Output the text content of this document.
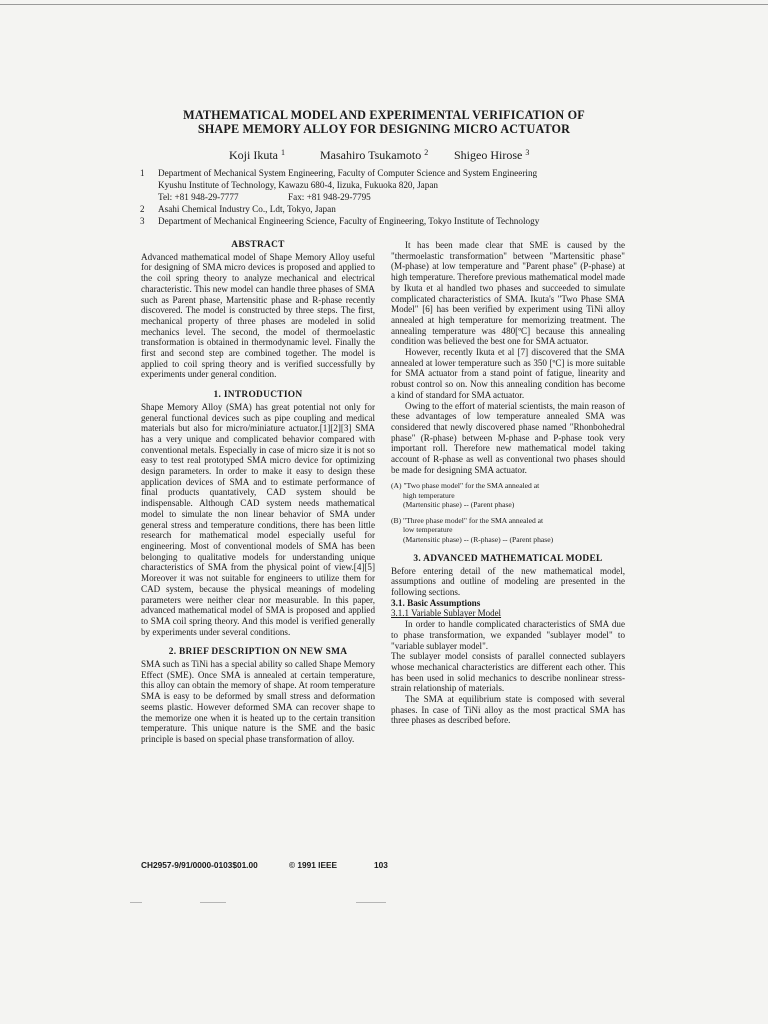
MATHEMATICAL MODEL AND EXPERIMENTAL VERIFICATION OF
SHAPE MEMORY ALLOY FOR DESIGNING MICRO ACTUATOR
Koji Ikuta $^1$	Masahiro Tsukamoto $^2$ Shigeo Hirose $^3$
1	Department of Mechanical System Engineering, Faculty of Computer Science and System Engineering
Kyushu Institute of Technology, Kawazu 680-4, Iizuka, Fukuoka 820, Japan
Tel: +81 948-29-7777	Fax: +81 948-29-7795
2	Asahi Chemical Industry Co., Ldt, Tokyo, Japan
3	Department of Mechanical Engineering Science, Faculty of Engineering, Tokyo Institute of Technology
ABSTRACT

Advanced mathematical model of Shape Memory Alloy useful for designing of SMA micro devices is proposed and applied to the coil spring theory to analyze mechanical and electrical characteristic. This new model can handle three phases of SMA such as Parent phase, Martensitic phase and R-phase recently discovered. The model is constructed by three steps. The first, mechanical property of three phases are modeled in solid mechanics level. The second, the model of thermoelastic transformation is obtained in thermodynamic level. Finally the first and second step are combined together. The model is applied to coil spring theory and is verified successfully by experiments under general condition.

1. INTRODUCTION

Shape Memory Alloy (SMA) has great potential not only for general functional devices such as pipe coupling and medical materials but also for micro/miniature actuator.[1][2][3] SMA has a very unique and complicated behavior compared with conventional metals. Especially in case of micro size it is not so easy to test real prototyped SMA micro device for optimizing design parameters. In order to make it easy to design these application devices of SMA and to estimate performance of final products quantatively, CAD system should be indispensable. Although CAD system needs mathematical model to simulate the non linear behavior of SMA under general stress and temperature conditions, there has been little research for mathematical model especially useful for engineering. Most of conventional models of SMA has been belonging to qualitative models for understanding unique characteristics of SMA from the physical point of view.[4][5] Moreover it was not suitable for engineers to utilize them for CAD system, because the physical meanings of modeling parameters were neither clear nor measurable. In this paper, advanced mathematical model of SMA is proposed and applied to SMA coil spring theory. And this model is verified generally by experiments under several conditions.

2. BRIEF DESCRIPTION ON NEW SMA

SMA such as TiNi has a special ability so called Shape Memory Effect (SME). Once SMA is annealed at certain temperature, this alloy can obtain the memory of shape. At room temperature SMA is easy to be deformed by small stress and deformation seems plastic. However deformed SMA can recover shape to the memorize one when it is heated up to the certain transition temperature. This unique nature is the SME and the basic principle is based on special phase transformation of alloy.

It has been made clear that SME is caused by the "thermoelastic transformation" between "Martensitic phase" (M-phase) at low temperature and "Parent phase" (P-phase) at high temperature. Therefore previous mathematical model made by Ikuta et al handled two phases and succeeded to simulate complicated characteristics of SMA. Ikuta's "Two Phase SMA Model" [6] has been verified by experiment using TiNi alloy annealed at high temperature for memorizing treatment. The annealing temperature was 480[ºC] because this annealing condition was believed the best one for SMA actuator.

However, recently Ikuta et al [7] discovered that the SMA annealed at lower temperature such as 350 [ºC] is more suitable for SMA actuator from a stand point of fatigue, linearity and robust control so on. Now this annealing condition has become a kind of standard for SMA actuator.

Owing to the effort of material scientists, the main reason of these advantages of low temperature annealed SMA was considered that newly discovered phase named "Rhonbohedral phase" (R-phase) between M-phase and P-phase took very important roll. Therefore new mathematical model taking account of R-phase as well as conventional two phases should be made for designing SMA actuator.

(A) "Two phase model" for the SMA annealed at
high temperature
(Martensitic phase) -- (Parent phase)
(B) "Three phase model" for the SMA annealed at
low temperature
(Martensitic phase) -- (R-phase) -- (Parent phase)
3. ADVANCED MATHEMATICAL MODEL

Before entering detail of the new mathematical model, assumptions and outline of modeling are presented in the following sections.

3.1. Basic Assumptions
3.1.1 Variable Sublayer Model

In order to handle complicated characteristics of SMA due to phase transformation, we expanded "sublayer model" to "variable sublayer model".

The sublayer model consists of parallel connected sublayers whose mechanical characteristics are different each other. This has been used in solid mechanics to describe nonlinear stress-strain relationship of materials.

The SMA at equilibrium state is composed with several phases. In case of TiNi alloy as the most practical SMA has three phases as described before.

CH2957-9/91/0000-0103$01.00	© 1991 IEEE	103
